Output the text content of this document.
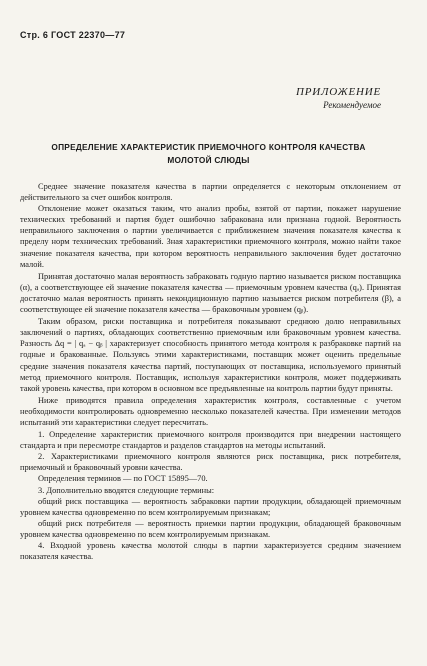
Стр. 6 ГОСТ 22370—77
ПРИЛОЖЕНИЕ
Рекомендуемое
ОПРЕДЕЛЕНИЕ ХАРАКТЕРИСТИК ПРИЕМОЧНОГО КОНТРОЛЯ КАЧЕСТВА
МОЛОТОЙ СЛЮДЫ

Среднее значение показателя качества в партии определяется с некоторым отклонением от действительного за счет ошибок контроля.

Отклонение может оказаться таким, что анализ пробы, взятой от партии, покажет нарушение технических требований и партия будет ошибочно забракована или признана годной. Вероятность неправильного заключения о партии увеличивается с приближением значения показателя качества к пределу норм технических требований. Зная характеристики приемочного контроля, можно найти такое значение показателя качества, при котором вероятность неправильного заключения будет достаточно малой.

Принятая достаточно малая вероятность забраковать годную партию называется риском поставщика (α), а соответствующее ей значение показателя качества — приемочным уровнем качества (qₐ). Принятая достаточно малая вероятность принять некондиционную партию называется риском потребителя (β), а соответствующее ей значение показателя качества — браковочным уровнем (qᵦ).

Таким образом, риски поставщика и потребителя показывают среднюю долю неправильных заключений о партиях, обладающих соответственно приемочным или браковочным уровнем качества. Разность Δq = | qₐ − qᵦ | характеризует способность принятого метода контроля к разбраковке партий на годные и бракованные. Пользуясь этими характеристиками, поставщик может оценить предельные средние значения показателя качества партий, поступающих от поставщика, используемого принятый метод приемочного контроля. Поставщик, используя характеристики контроля, может поддерживать такой уровень качества, при котором в основном все предъявленные на контроль партии будут приняты.

Ниже приводятся правила определения характеристик контроля, составленные с учетом необходимости контролировать одновременно несколько показателей качества. При изменении методов испытаний эти характеристики следует пересчитать.

1. Определение характеристик приемочного контроля производится при внедрении настоящего стандарта и при пересмотре стандартов и разделов стандартов на методы испытаний.

2. Характеристиками приемочного контроля являются риск поставщика, риск потребителя, приемочный и браковочный уровни качества.

Определения терминов — по ГОСТ 15895—70.

3. Дополнительно вводятся следующие термины:

общий риск поставщика — вероятность забраковки партии продукции, обладающей приемочным уровнем качества одновременно по всем контролируемым признакам;

общий риск потребителя — вероятность приемки партии продукции, обладающей браковочным уровнем качества одновременно по всем контролируемым признакам.

4. Входной уровень качества молотой слюды в партии характеризуется средним значением показателя качества.
